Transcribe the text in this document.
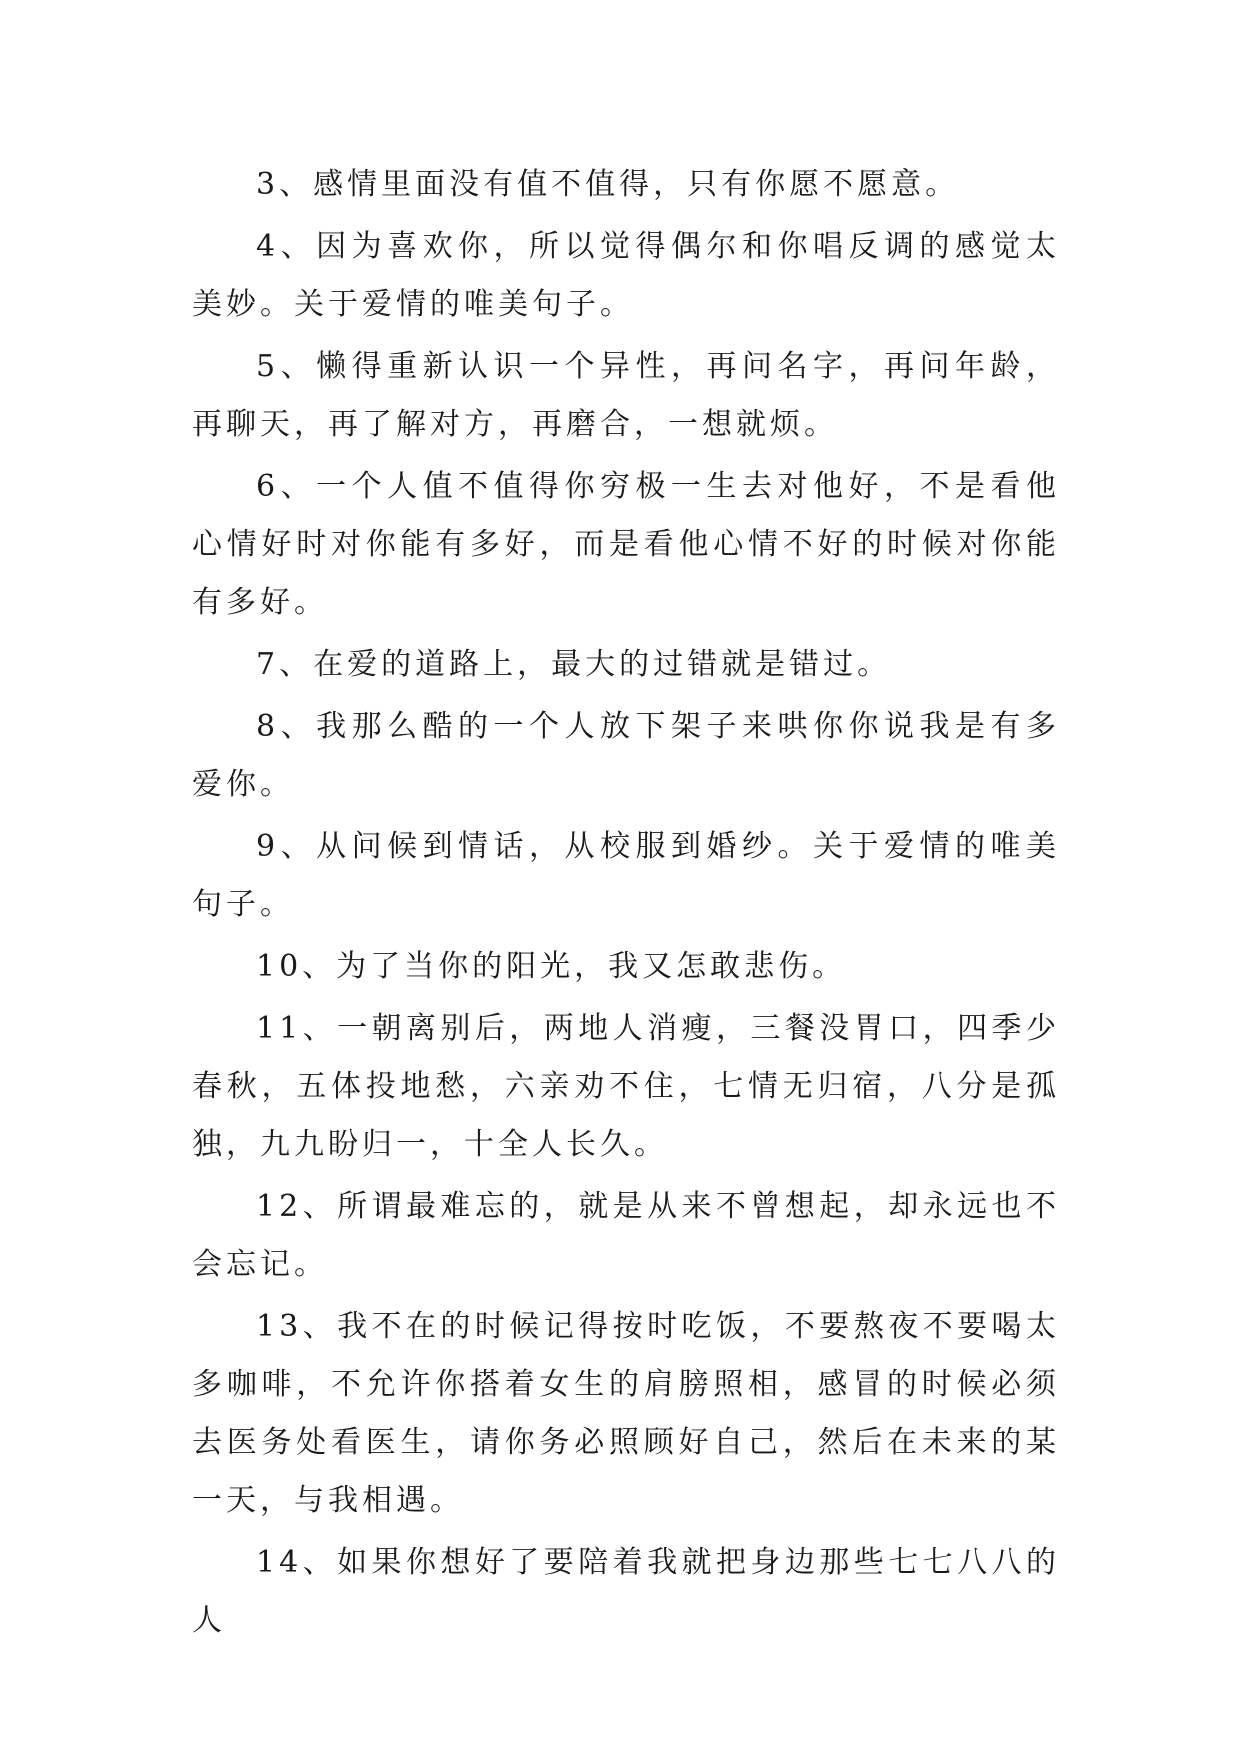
3、感情里面没有值不值得，只有你愿不愿意。

4、因为喜欢你，所以觉得偶尔和你唱反调的感觉太美妙。关于爱情的唯美句子。

5、懒得重新认识一个异性，再问名字，再问年龄，再聊天，再了解对方，再磨合，一想就烦。

6、一个人值不值得你穷极一生去对他好，不是看他心情好时对你能有多好，而是看他心情不好的时候对你能有多好。

7、在爱的道路上，最大的过错就是错过。

8、我那么酷的一个人放下架子来哄你你说我是有多爱你。

9、从问候到情话，从校服到婚纱。关于爱情的唯美句子。

10、为了当你的阳光，我又怎敢悲伤。

11、一朝离别后，两地人消瘦，三餐没胃口，四季少春秋，五体投地愁，六亲劝不住，七情无归宿，八分是孤独，九九盼归一，十全人长久。

12、所谓最难忘的，就是从来不曾想起，却永远也不会忘记。

13、我不在的时候记得按时吃饭，不要熬夜不要喝太多咖啡，不允许你搭着女生的肩膀照相，感冒的时候必须去医务处看医生，请你务必照顾好自己，然后在未来的某一天，与我相遇。

14、如果你想好了要陪着我就把身边那些七七八八的人
